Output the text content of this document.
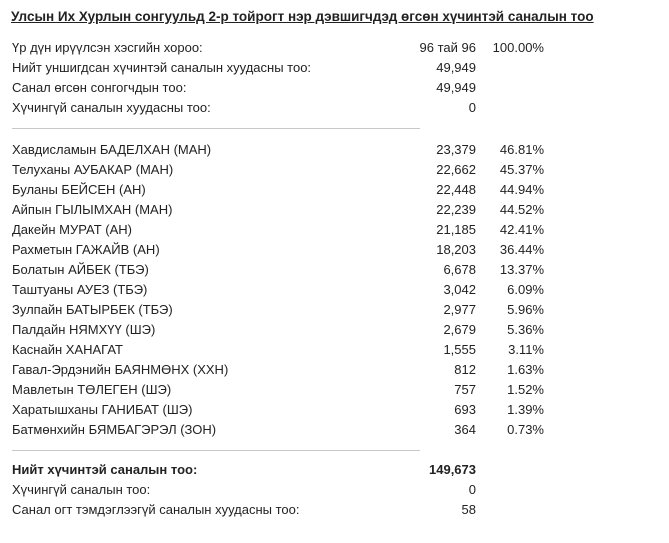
Улсын Их Хурлын сонгуульд 2-р тойрогт нэр дэвшигчдэд өгсөн хүчинтэй саналын тоо
Үр дүн ирүүлсэн хэсгийн хороо:	96 тай 96	100.00%
Нийт уншигдсан хүчинтэй саналын хуудасны тоо:	49,949
Санал өгсөн сонгогчдын тоо:	49,949
Хүчингүй саналын хуудасны тоо:	0
Хавдисламын БАДЕЛХАН (МАН)	23,379	46.81%
Телуханы АУБАКАР (МАН)	22,662	45.37%
Буланы БЕЙСЕН (АН)	22,448	44.94%
Айпын ГЫЛЫМХАН (МАН)	22,239	44.52%
Дакейн МУРАТ (АН)	21,185	42.41%
Рахметын ГАЖАЙВ (АН)	18,203	36.44%
Болатын АЙБЕК (ТБЭ)	6,678	13.37%
Таштуаны АУЕЗ (ТБЭ)	3,042	6.09%
Зулпайн БАТЫРБЕК (ТБЭ)	2,977	5.96%
Палдайн НЯМХҮҮ (ШЭ)	2,679	5.36%
Каснайн ХАНАГАТ	1,555	3.11%
Гавал-Эрдэнийн БАЯНМӨНХ (ХХН)	812	1.63%
Мавлетын ТӨЛЕГЕН (ШЭ)	757	1.52%
Харатышханы ГАНИБАТ (ШЭ)	693	1.39%
Батмөнхийн БЯМБАГЭРЭЛ (ЗОН)	364	0.73%
Нийт хүчинтэй саналын тоо:	149,673
Хүчингүй саналын тоо:	0
Санал огт тэмдэглээгүй саналын хуудасны тоо:	58
